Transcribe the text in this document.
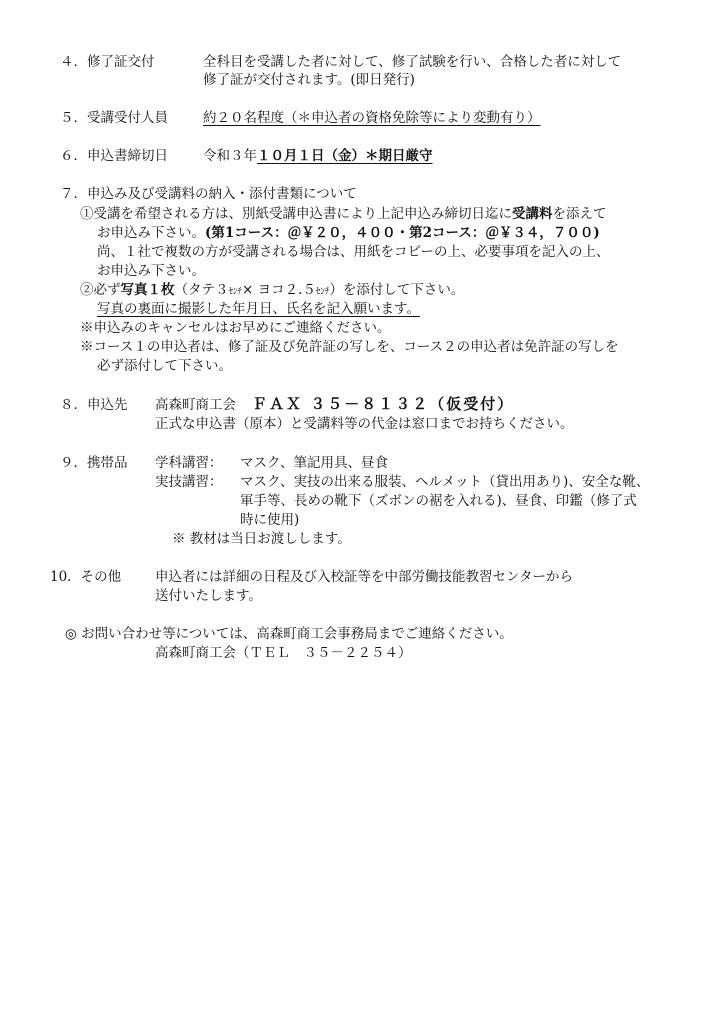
４．修了証交付	全科目を受講した者に対して、修了試験を行い、合格した者に対して
修了証が交付されます。(即日発行)
５．受講受付人員	約２０名程度（＊申込者の資格免除等により変動有り）
６．申込書締切日	令和３年１０月１日（金）＊期日厳守
７．申込み及び受講料の納入・添付書類について
①受講を希望される方は、別紙受講申込書により上記申込み締切日迄に受講料を添えて
お申込み下さい。(第1コース：＠￥２０，４００・第2コース：＠￥３４，７００)
尚、１社で複数の方が受講される場合は、用紙をコピーの上、必要事項を記入の上、
お申込み下さい。
②必ず写真１枚（タテ３ｾﾝﾁ× ヨコ２.５ｾﾝﾁ）を添付して下さい。
写真の裏面に撮影した年月日、氏名を記入願います。
※申込みのキャンセルはお早めにご連絡ください。
※コース１の申込者は、修了証及び免許証の写しを、コース２の申込者は免許証の写しを
必ず添付して下さい。
８．申込先 高森町商工会 ＦＡＸ ３５－８１３２（仮受付）
正式な申込書（原本）と受講料等の代金は窓口までお持ちください。
９．携帯品 学科講習： マスク、筆記用具、昼食
実技講習： マスク、実技の出来る服装、ヘルメット（貸出用あり)、安全な靴、
軍手等、長めの靴下（ズボンの裾を入れる)、昼食、印鑑（修了式
時に使用)
※ 教材は当日お渡しします。
10．その他	申込者には詳細の日程及び入校証等を中部労働技能教習センターから
送付いたします。
◎ お問い合わせ等については、高森町商工会事務局までご連絡ください。
高森町商工会（ＴＥＬ　３５－２２５４）
